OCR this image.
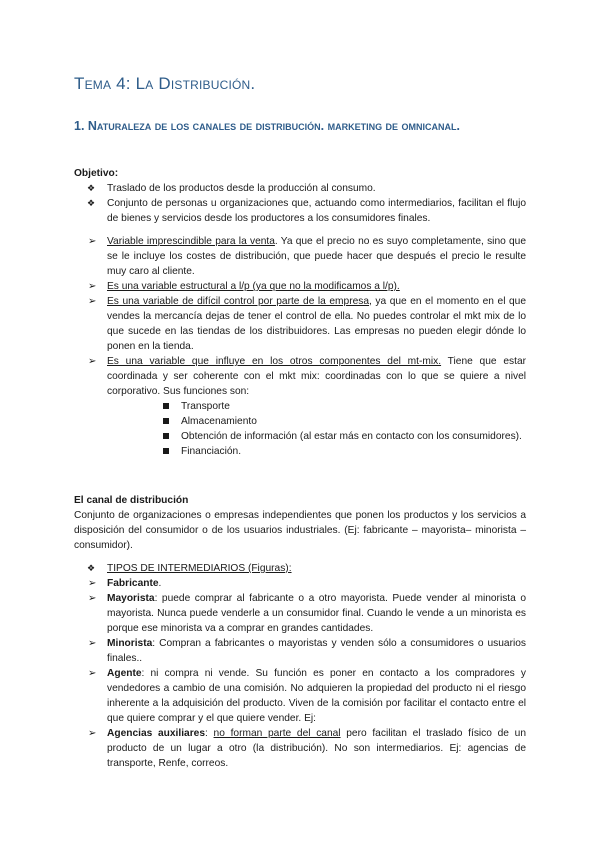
Tema 4: La Distribución.
1. Naturaleza de los canales de distribución. marketing de omnicanal.
Objetivo:
❖ Traslado de los productos desde la producción al consumo.
❖ Conjunto de personas u organizaciones que, actuando como intermediarios, facilitan el flujo de bienes y servicios desde los productores a los consumidores finales.
➢ Variable imprescindible para la venta. Ya que el precio no es suyo completamente, sino que se le incluye los costes de distribución, que puede hacer que después el precio le resulte muy caro al cliente.
➢ Es una variable estructural a l/p (ya que no la modificamos a l/p).
➢ Es una variable de difícil control por parte de la empresa, ya que en el momento en el que vendes la mercancía dejas de tener el control de ella. No puedes controlar el mkt mix de lo que sucede en las tiendas de los distribuidores. Las empresas no pueden elegir dónde lo ponen en la tienda.
➢ Es una variable que influye en los otros componentes del mt-mix. Tiene que estar coordinada y ser coherente con el mkt mix: coordinadas con lo que se quiere a nivel corporativo. Sus funciones son:
Transporte
Almacenamiento
Obtención de información (al estar más en contacto con los consumidores).
Financiación.
El canal de distribución
Conjunto de organizaciones o empresas independientes que ponen los productos y los servicios a disposición del consumidor o de los usuarios industriales. (Ej: fabricante – mayorista– minorista – consumidor).
❖ TIPOS DE INTERMEDIARIOS (Figuras):
➢ Fabricante.
➢ Mayorista: puede comprar al fabricante o a otro mayorista. Puede vender al minorista o mayorista. Nunca puede venderle a un consumidor final. Cuando le vende a un minorista es porque ese minorista va a comprar en grandes cantidades.
➢ Minorista: Compran a fabricantes o mayoristas y venden sólo a consumidores o usuarios finales..
➢ Agente: ni compra ni vende. Su función es poner en contacto a los compradores y vendedores a cambio de una comisión. No adquieren la propiedad del producto ni el riesgo inherente a la adquisición del producto. Viven de la comisión por facilitar el contacto entre el que quiere comprar y el que quiere vender. Ej:
➢ Agencias auxiliares: no forman parte del canal pero facilitan el traslado físico de un producto de un lugar a otro (la distribución). No son intermediarios. Ej: agencias de transporte, Renfe, correos.
